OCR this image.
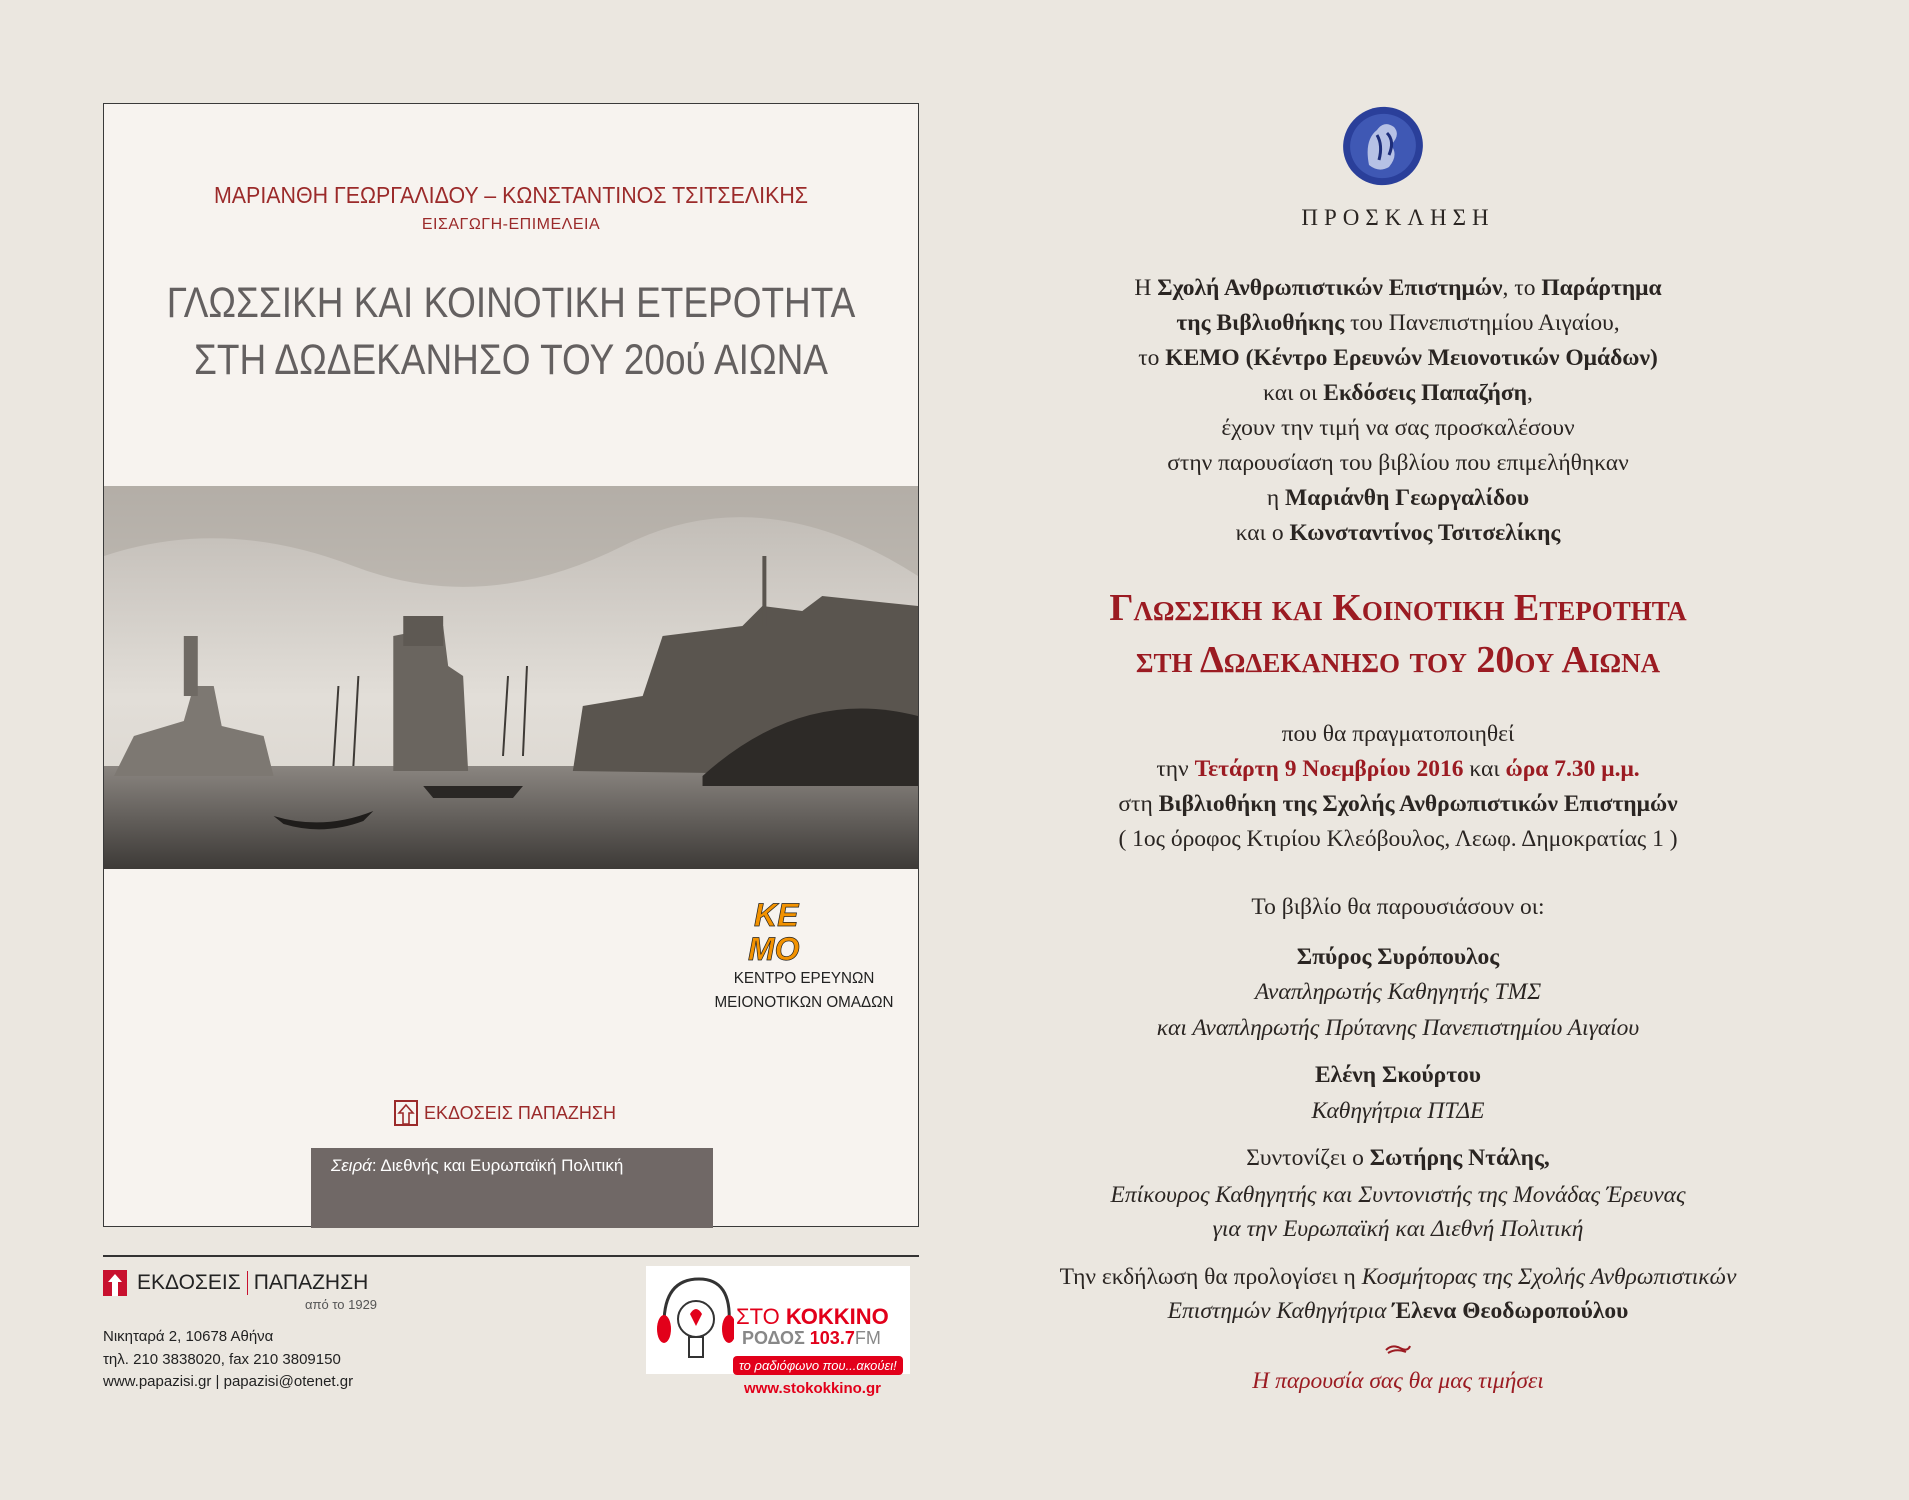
ΜΑΡΙΑΝΘΗ ΓΕΩΡΓΑΛΙΔΟΥ – ΚΩΝΣΤΑΝΤΙΝΟΣ ΤΣΙΤΣΕΛΙΚΗΣ
ΕΙΣΑΓΩΓΗ-ΕΠΙΜΕΛΕΙΑ
ΓΛΩΣΣΙΚΗ ΚΑΙ ΚΟΙΝΟΤΙΚΗ ΕΤΕΡΟΤΗΤΑ
ΣΤΗ ΔΩΔΕΚΑΝΗΣΟ ΤΟΥ 20ού ΑΙΩΝΑ
ΚΕ
ΜΟ
ΚΕΝΤΡΟ ΕΡΕΥΝΩΝ
ΜΕΙΟΝΟΤΙΚΩΝ ΟΜΑΔΩΝ
ΕΚΔΟΣΕΙΣ ΠΑΠΑΖΗΣΗ
Σειρά: Διεθνής και Ευρωπαϊκή Πολιτική
ΕΚΔΟΣΕΙΣ ΠΑΠΑΖΗΣΗ
από το 1929
Νικηταρά 2, 10678 Αθήνα
τηλ. 210 3838020, fax 210 3809150
www.papazisi.gr | papazisi@otenet.gr
ΣΤΟ ΚΟΚΚΙΝΟ
ΡΟΔΟΣ 103.7FM
το ραδιόφωνο που...ακούει!
www.stokokkino.gr
ΠΡΟΣΚΛΗΣΗ
Η Σχολή Ανθρωπιστικών Επιστημών, το Παράρτημα
της Βιβλιοθήκης του Πανεπιστημίου Αιγαίου,
το ΚΕΜΟ (Κέντρο Ερευνών Μειονοτικών Ομάδων)
και οι Εκδόσεις Παπαζήση,
έχουν την τιμή να σας προσκαλέσουν
στην παρουσίαση του βιβλίου που επιμελήθηκαν
η Μαριάνθη Γεωργαλίδου
και ο Κωνσταντίνος Τσιτσελίκης
Γλωσσικη και Κοινοτικη Ετεροτητα
στη Δωδεκανησο του 20ου Αιωνα
που θα πραγματοποιηθεί
την Τετάρτη 9 Νοεμβρίου 2016 και ώρα 7.30 μ.μ.
στη Βιβλιοθήκη της Σχολής Ανθρωπιστικών Επιστημών
( 1ος όροφος Κτιρίου Κλεόβουλος, Λεωφ. Δημοκρατίας 1 )
Το βιβλίο θα παρουσιάσουν οι:
Σπύρος Συρόπουλος
Αναπληρωτής Καθηγητής ΤΜΣ
και Αναπληρωτής Πρύτανης Πανεπιστημίου Αιγαίου
Ελένη Σκούρτου
Καθηγήτρια ΠΤΔΕ
Συντονίζει ο Σωτήρης Ντάλης,
Επίκουρος Καθηγητής και Συντονιστής της Μονάδας Έρευνας
για την Ευρωπαϊκή και Διεθνή Πολιτική
Την εκδήλωση θα προλογίσει η Κοσμήτορας της Σχολής Ανθρωπιστικών
Επιστημών Καθηγήτρια Έλενα Θεοδωροπούλου
Η παρουσία σας θα μας τιμήσει
